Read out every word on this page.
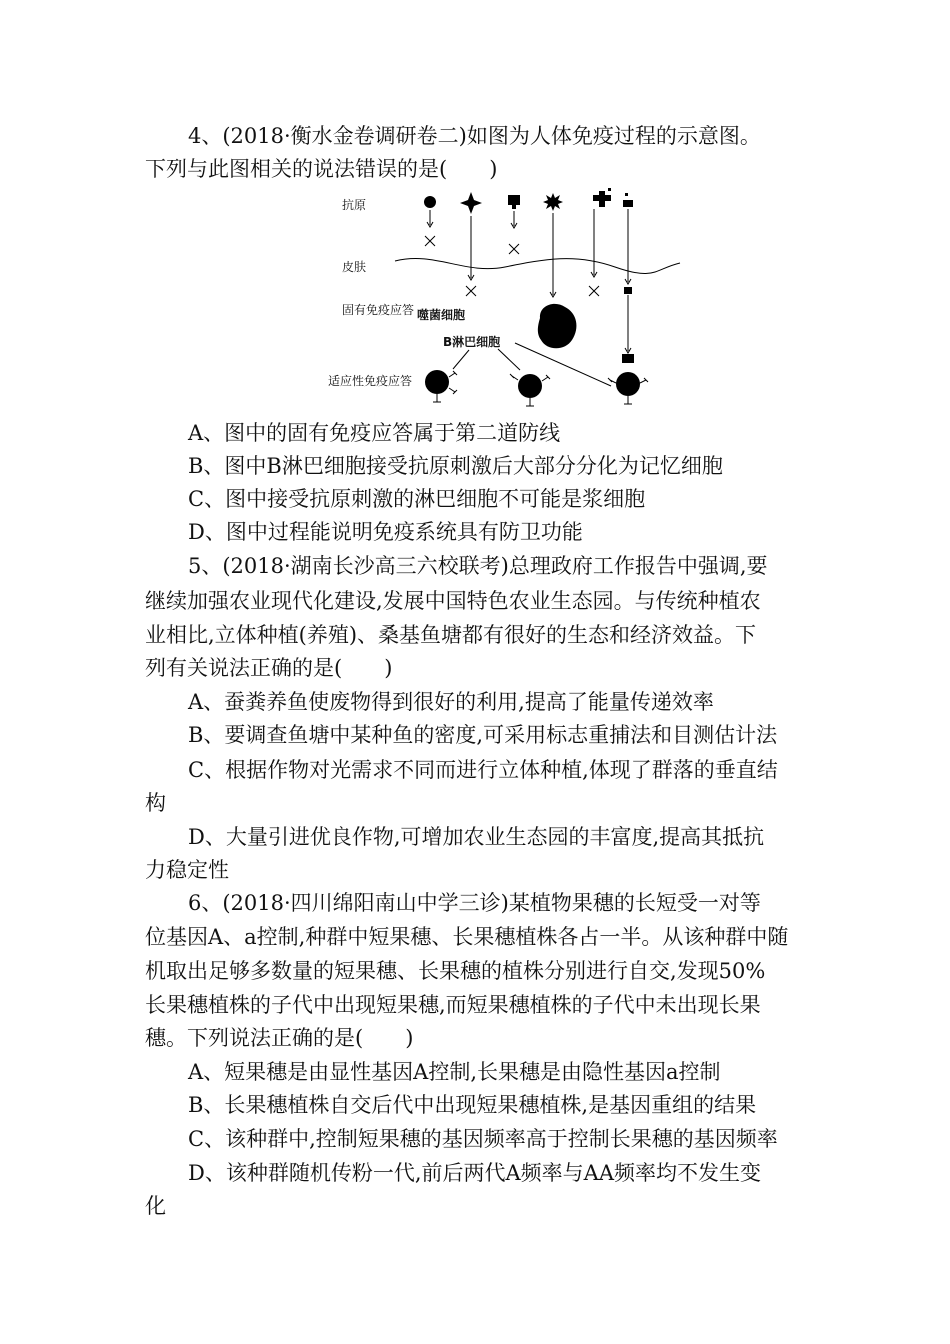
4、(2018·衡水金卷调研卷二)如图为人体免疫过程的示意图。
下列与此图相关的说法错误的是(　　)
抗原
皮肤
固有免疫应答 噬菌细胞
B淋巴细胞
适应性免疫应答
A、图中的固有免疫应答属于第二道防线
B、图中B淋巴细胞接受抗原刺激后大部分分化为记忆细胞
C、图中接受抗原刺激的淋巴细胞不可能是浆细胞
D、图中过程能说明免疫系统具有防卫功能
5、(2018·湖南长沙高三六校联考)总理政府工作报告中强调,要
继续加强农业现代化建设,发展中国特色农业生态园。与传统种植农
业相比,立体种植(养殖)、桑基鱼塘都有很好的生态和经济效益。下
列有关说法正确的是(　　)
A、蚕粪养鱼使废物得到很好的利用,提高了能量传递效率
B、要调查鱼塘中某种鱼的密度,可采用标志重捕法和目测估计法
C、根据作物对光需求不同而进行立体种植,体现了群落的垂直结
构
D、大量引进优良作物,可增加农业生态园的丰富度,提高其抵抗
力稳定性
6、(2018·四川绵阳南山中学三诊)某植物果穗的长短受一对等
位基因A、a控制,种群中短果穗、长果穗植株各占一半。从该种群中随
机取出足够多数量的短果穗、长果穗的植株分别进行自交,发现50%
长果穗植株的子代中出现短果穗,而短果穗植株的子代中未出现长果
穗。下列说法正确的是(　　)
A、短果穗是由显性基因A控制,长果穗是由隐性基因a控制
B、长果穗植株自交后代中出现短果穗植株,是基因重组的结果
C、该种群中,控制短果穗的基因频率高于控制长果穗的基因频率
D、该种群随机传粉一代,前后两代A频率与AA频率均不发生变
化
